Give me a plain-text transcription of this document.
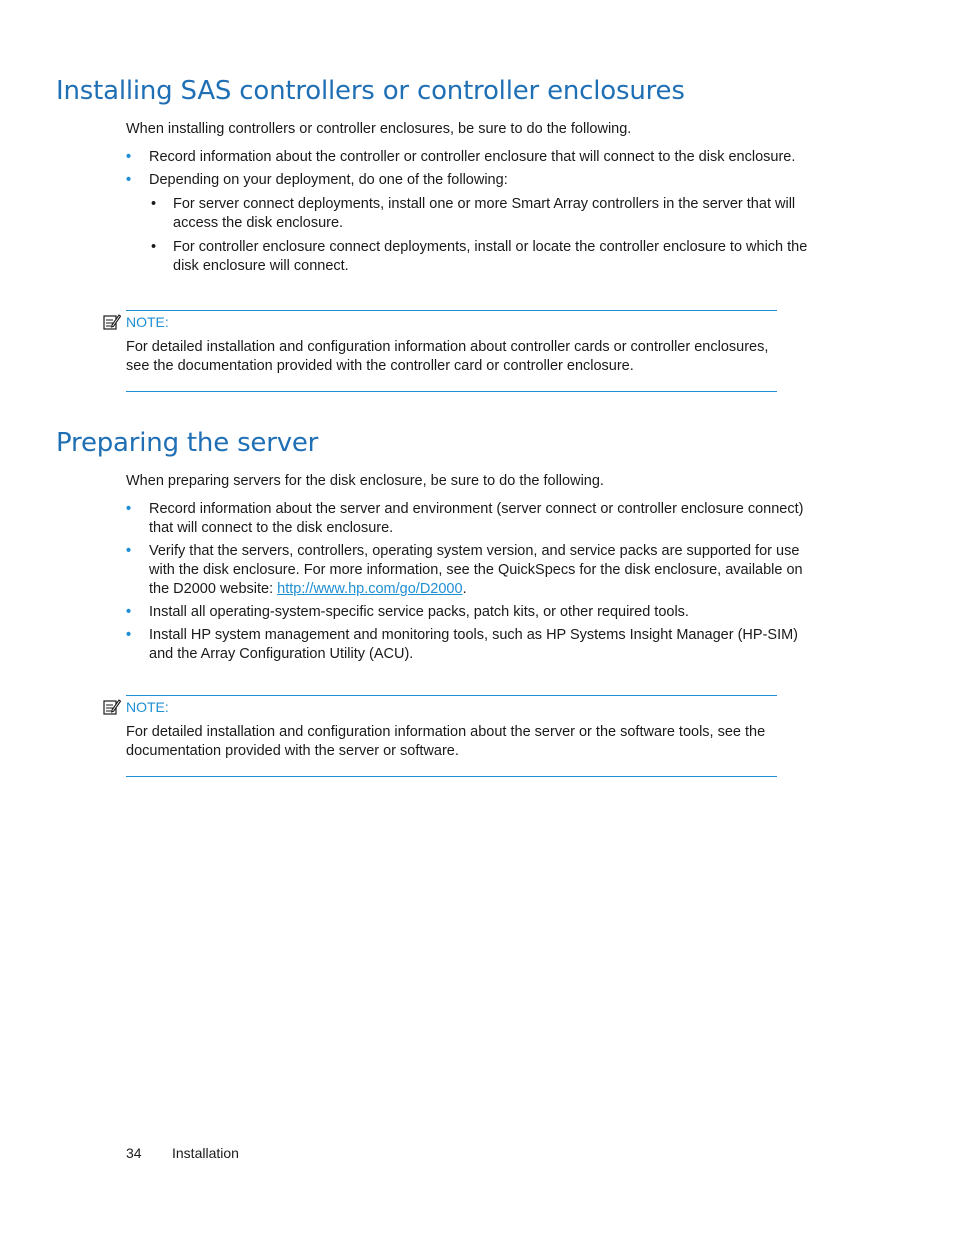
Installing SAS controllers or controller enclosures

When installing controllers or controller enclosures, be sure to do the following.

• Record information about the controller or controller enclosure that will connect to the disk enclosure.
• Depending on your deployment, do one of the following:
• For server connect deployments, install one or more Smart Array controllers in the server that will access the disk enclosure.
• For controller enclosure connect deployments, install or locate the controller enclosure to which the disk enclosure will connect.
NOTE:
For detailed installation and configuration information about controller cards or controller enclosures, see the documentation provided with the controller card or controller enclosure.
Preparing the server

When preparing servers for the disk enclosure, be sure to do the following.

• Record information about the server and environment (server connect or controller enclosure connect) that will connect to the disk enclosure.
• Verify that the servers, controllers, operating system version, and service packs are supported for use with the disk enclosure. For more information, see the QuickSpecs for the disk enclosure, available on the D2000 website: http://www.hp.com/go/D2000.
• Install all operating-system-specific service packs, patch kits, or other required tools.
• Install HP system management and monitoring tools, such as HP Systems Insight Manager (HP-SIM) and the Array Configuration Utility (ACU).
NOTE:
For detailed installation and configuration information about the server or the software tools, see the documentation provided with the server or software.
34 Installation
